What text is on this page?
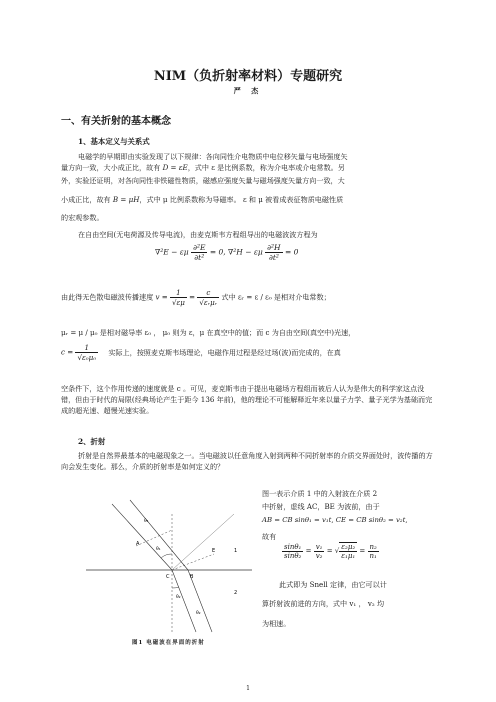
NIM（负折射率材料）专题研究
严 杰
一、有关折射的基本概念
1、基本定义与关系式
电磁学的早期即由实验发现了以下规律：各向同性介电物质中电位移矢量与电场强度矢
量方向一致，大小成正比，故有 D = εE，式中 ε 是比例系数，称为介电率或介电常数。另
外，实验还证明，对各向同性非铁磁性物质，磁感应强度矢量与磁场强度矢量方向一致，大
小成正比，故有 B = μH，式中 μ 比例系数称为导磁率。 ε 和 μ 被看成表征物质电磁性质
的宏观参数。
在自由空间(无电荷源及传导电流)，由麦克斯韦方程组导出的电磁波波方程为
∇²E − εμ $\frac{\text{∂²E}}{\text{∂t²}} = 0$, ∇²H − εμ $\frac{\text{∂²H}}{\text{∂t²}} = 0$
由此得无色散电磁波传播速度 $v = \frac{1}{√\varepsilon\mu} = \frac{c}{\text{√εᵣμᵣ}}$ 式中 εᵣ = ε / ε₀ 是相对介电常数；
μᵣ = μ / μ₀ 是相对磁导率 ε₀ ， μ₀ 则为 ε，μ 在真空中的值；而 c 为自由空间(真空中)光速，
$c = \frac{1}{\text{√ε₀μ₀}}$ 实际上，按照麦克斯韦场理论，电磁作用过程是经过场(波)而完成的，在真
空条件下，这个作用传递的速度就是 c 。可见，麦克斯韦由于提出电磁场方程组而被后人认为是伟大的科学家这点没错，但由于时代的局限(经典场论产生于距今 136 年前)，他的理论不可能解释近年来以量子力学、量子光学为基础而完成的超光速、超慢光速实验。
2、折射
折射是自然界最基本的电磁现象之一。当电磁波以任意角度入射到两种不同折射率的介质交界面处时，波传播的方向会发生变化。那么，介质的折射率是如何定义的？
图一表示介质 1 中的入射波在介质 2
中折射，虚线 AC，BE 为波前，由于
AB = CB sinθ₁ = v₁t, CE = CB sinθ₂ = v₂t,
故有
$\frac{\text{sinθ₁}}{\text{sinθ₂}} = \frac{\text{v₁}}{\text{v₂}}$ = √ $\frac{\text{ε₂μ₂}}{\text{ε₁μ₁}} = \frac{\text{n₂}}{\text{n₁}}$
此式即为 Snell 定律，由它可以计
算折射波前进的方向，式中 v₁ ， v₂ 均
为相速。
A
B
C
E	1
2
θ₁
θ₂
θ₁
θ₂
图1 电磁波在界面的折射
1
